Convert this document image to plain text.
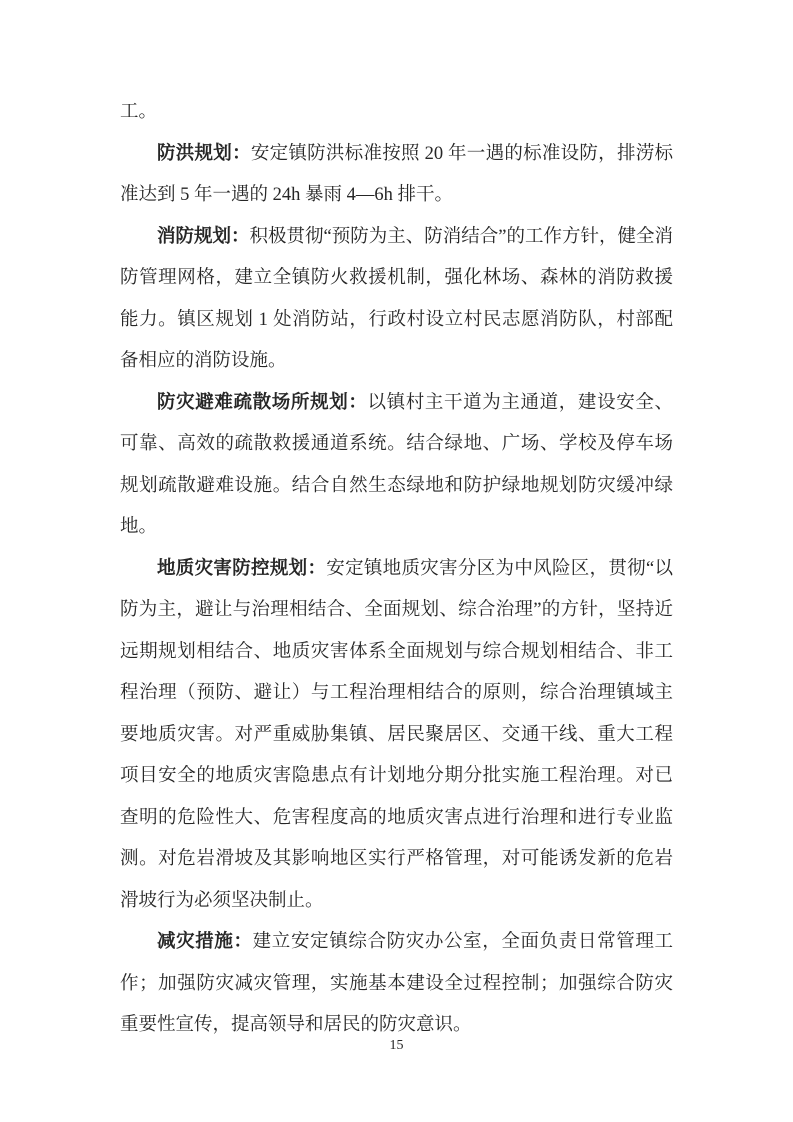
工。

防洪规划：安定镇防洪标准按照 20 年一遇的标准设防，排涝标准达到 5 年一遇的 24h 暴雨 4—6h 排干。

消防规划：积极贯彻“预防为主、防消结合”的工作方针，健全消防管理网格，建立全镇防火救援机制，强化林场、森林的消防救援能力。镇区规划 1 处消防站，行政村设立村民志愿消防队，村部配备相应的消防设施。

防灾避难疏散场所规划：以镇村主干道为主通道，建设安全、可靠、高效的疏散救援通道系统。结合绿地、广场、学校及停车场规划疏散避难设施。结合自然生态绿地和防护绿地规划防灾缓冲绿地。

地质灾害防控规划：安定镇地质灾害分区为中风险区，贯彻“以防为主，避让与治理相结合、全面规划、综合治理”的方针，坚持近远期规划相结合、地质灾害体系全面规划与综合规划相结合、非工程治理（预防、避让）与工程治理相结合的原则，综合治理镇域主要地质灾害。对严重威胁集镇、居民聚居区、交通干线、重大工程项目安全的地质灾害隐患点有计划地分期分批实施工程治理。对已查明的危险性大、危害程度高的地质灾害点进行治理和进行专业监测。对危岩滑坡及其影响地区实行严格管理，对可能诱发新的危岩滑坡行为必须坚决制止。

减灾措施：建立安定镇综合防灾办公室，全面负责日常管理工作；加强防灾减灾管理，实施基本建设全过程控制；加强综合防灾重要性宣传，提高领导和居民的防灾意识。

15
